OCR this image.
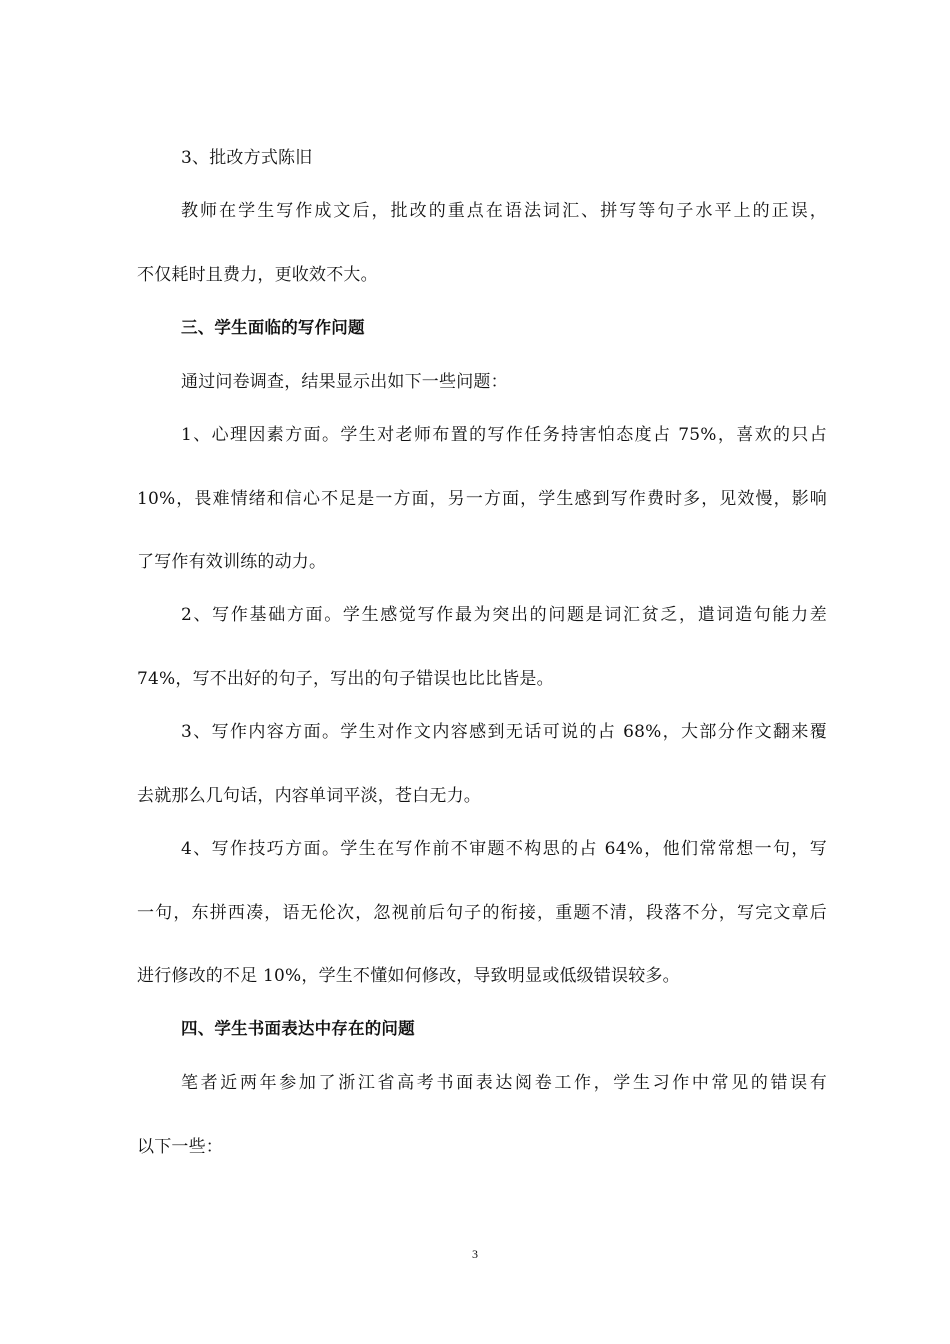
3、批改方式陈旧
教师在学生写作成文后，批改的重点在语法词汇、拼写等句子水平上的正误，
不仅耗时且费力，更收效不大。
三、学生面临的写作问题
通过问卷调查，结果显示出如下一些问题：
1、心理因素方面。学生对老师布置的写作任务持害怕态度占 75%，喜欢的只占
10%，畏难情绪和信心不足是一方面，另一方面，学生感到写作费时多，见效慢，影响
了写作有效训练的动力。
2、写作基础方面。学生感觉写作最为突出的问题是词汇贫乏，遣词造句能力差
74%，写不出好的句子，写出的句子错误也比比皆是。
3、写作内容方面。学生对作文内容感到无话可说的占 68%，大部分作文翻来覆
去就那么几句话，内容单词平淡，苍白无力。
4、写作技巧方面。学生在写作前不审题不构思的占 64%，他们常常想一句，写
一句，东拼西凑，语无伦次，忽视前后句子的衔接，重题不清，段落不分，写完文章后
进行修改的不足 10%，学生不懂如何修改，导致明显或低级错误较多。
四、学生书面表达中存在的问题
笔者近两年参加了浙江省高考书面表达阅卷工作，学生习作中常见的错误有
以下一些：
3
